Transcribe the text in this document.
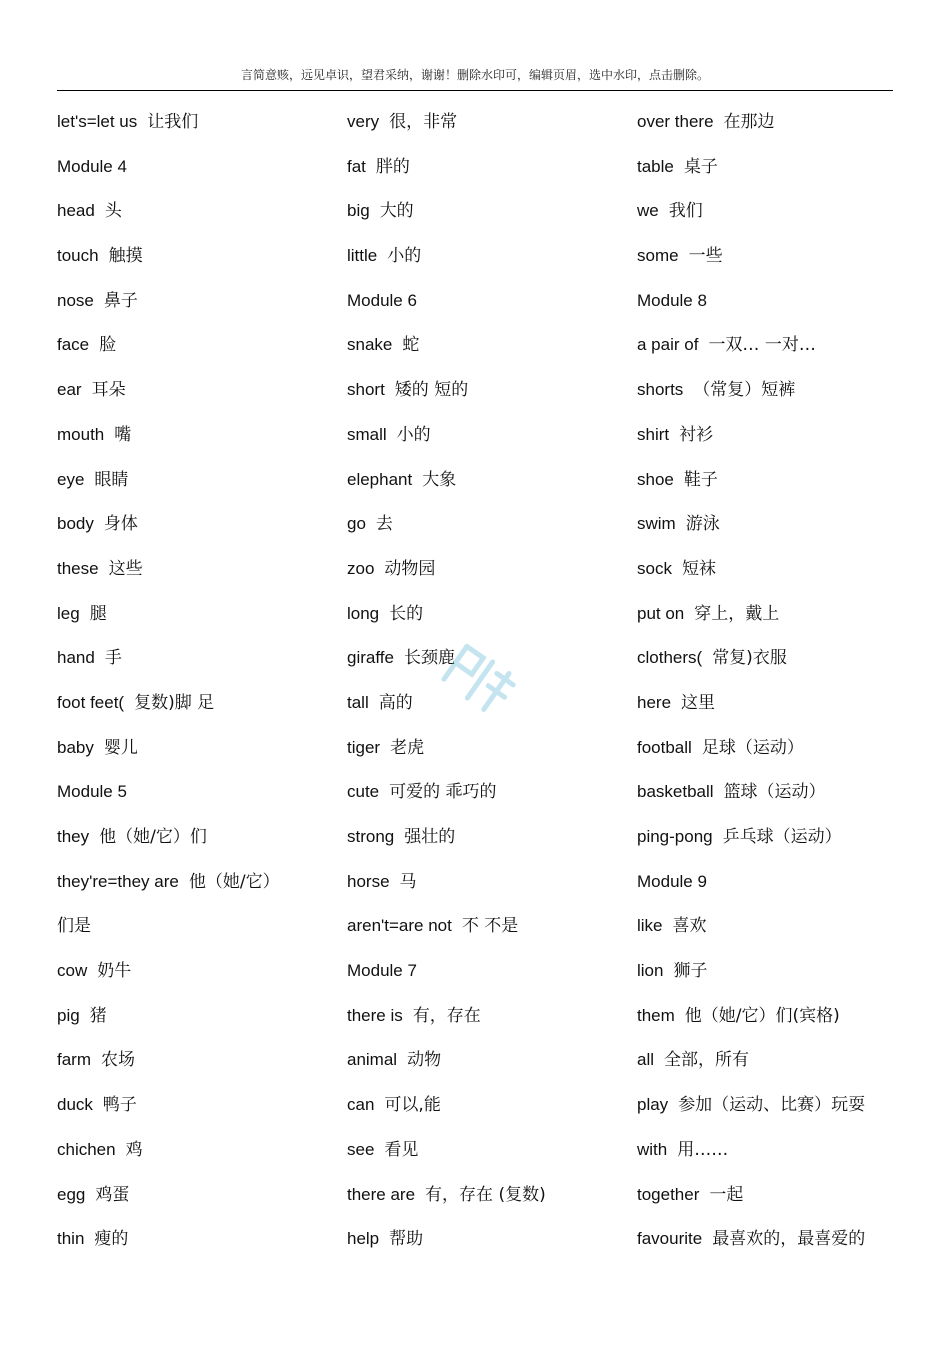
言简意赅，远见卓识，望君采纳，谢谢！删除水印可，编辑页眉，选中水印，点击删除。
let's=let us 让我们
Module 4
head 头
touch 触摸
nose 鼻子
face 脸
ear 耳朵
mouth 嘴
eye 眼睛
body 身体
these 这些
leg 腿
hand 手
foot feet( 复数)脚 足
baby 婴儿
Module 5
they 他（她/它）们
they're=they are 他（她/它）
们是
cow 奶牛
pig 猪
farm 农场
duck 鸭子
chichen 鸡
egg 鸡蛋
thin 瘦的
very 很，非常
fat 胖的
big 大的
little 小的
Module 6
snake 蛇
short 矮的 短的
small 小的
elephant 大象
go 去
zoo 动物园
long 长的
giraffe 长颈鹿
tall 高的
tiger 老虎
cute 可爱的 乖巧的
strong 强壮的
horse 马
aren't=are not 不 不是
Module 7
there is 有，存在
animal 动物
can 可以,能
see 看见
there are 有，存在 (复数)
help 帮助
over there 在那边
table 桌子
we 我们
some 一些
Module 8
a pair of 一双… 一对…
shorts （常复）短裤
shirt 衬衫
shoe 鞋子
swim 游泳
sock 短袜
put on 穿上，戴上
clothers( 常复)衣服
here 这里
football 足球（运动）
basketball 篮球（运动）
ping-pong 乒乓球（运动）
Module 9
like 喜欢
lion 狮子
them 他（她/它）们(宾格)
all 全部，所有
play 参加（运动、比赛）玩耍
with 用……
together 一起
favourite 最喜欢的，最喜爱的
